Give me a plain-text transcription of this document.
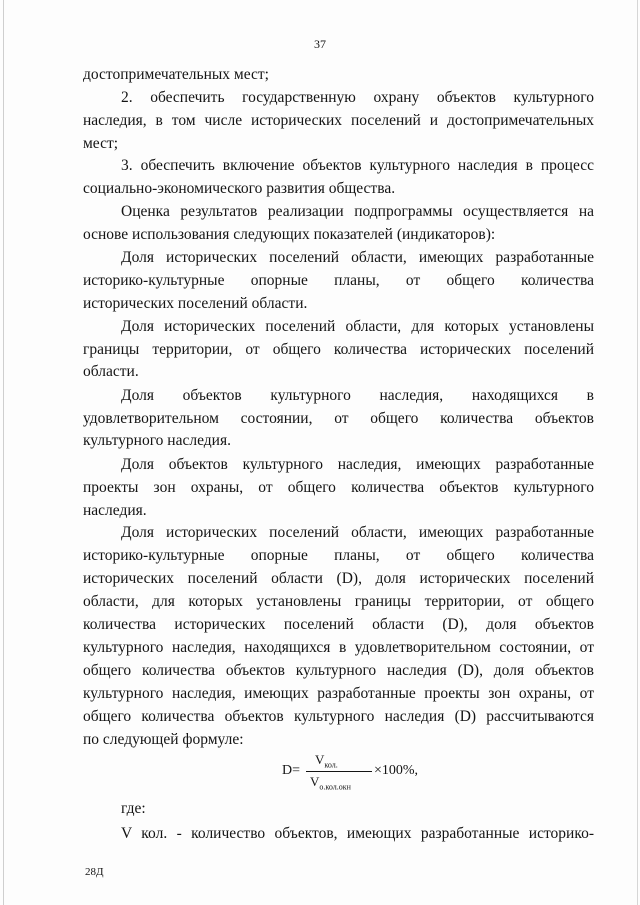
37
достопримечательных мест;
2. обеспечить государственную охрану объектов культурного
наследия, в том числе исторических поселений и достопримечательных
мест;
3. обеспечить включение объектов культурного наследия в процесс
социально-экономического развития общества.
Оценка результатов реализации подпрограммы осуществляется на
основе использования следующих показателей (индикаторов):
Доля исторических поселений области, имеющих разработанные
историко-культурные опорные планы, от общего количества
исторических поселений области.
Доля исторических поселений области, для которых установлены
границы территории, от общего количества исторических поселений
области.
Доля объектов культурного наследия, находящихся в
удовлетворительном состоянии, от общего количества объектов
культурного наследия.
Доля объектов культурного наследия, имеющих разработанные
проекты зон охраны, от общего количества объектов культурного
наследия.
Доля исторических поселений области, имеющих разработанные
историко-культурные опорные планы, от общего количества
исторических поселений области (D), доля исторических поселений
области, для которых установлены границы территории, от общего
количества исторических поселений области (D), доля объектов
культурного наследия, находящихся в удовлетворительном состоянии, от
общего количества объектов культурного наследия (D), доля объектов
культурного наследия, имеющих разработанные проекты зон охраны, от
общего количества объектов культурного наследия (D) рассчитываются
по следующей формуле:
D=
$V_{кол.}$	×100%,
$V_{о.кол.окн}$
где:
V кол. - количество объектов, имеющих разработанные историко-
28Д
